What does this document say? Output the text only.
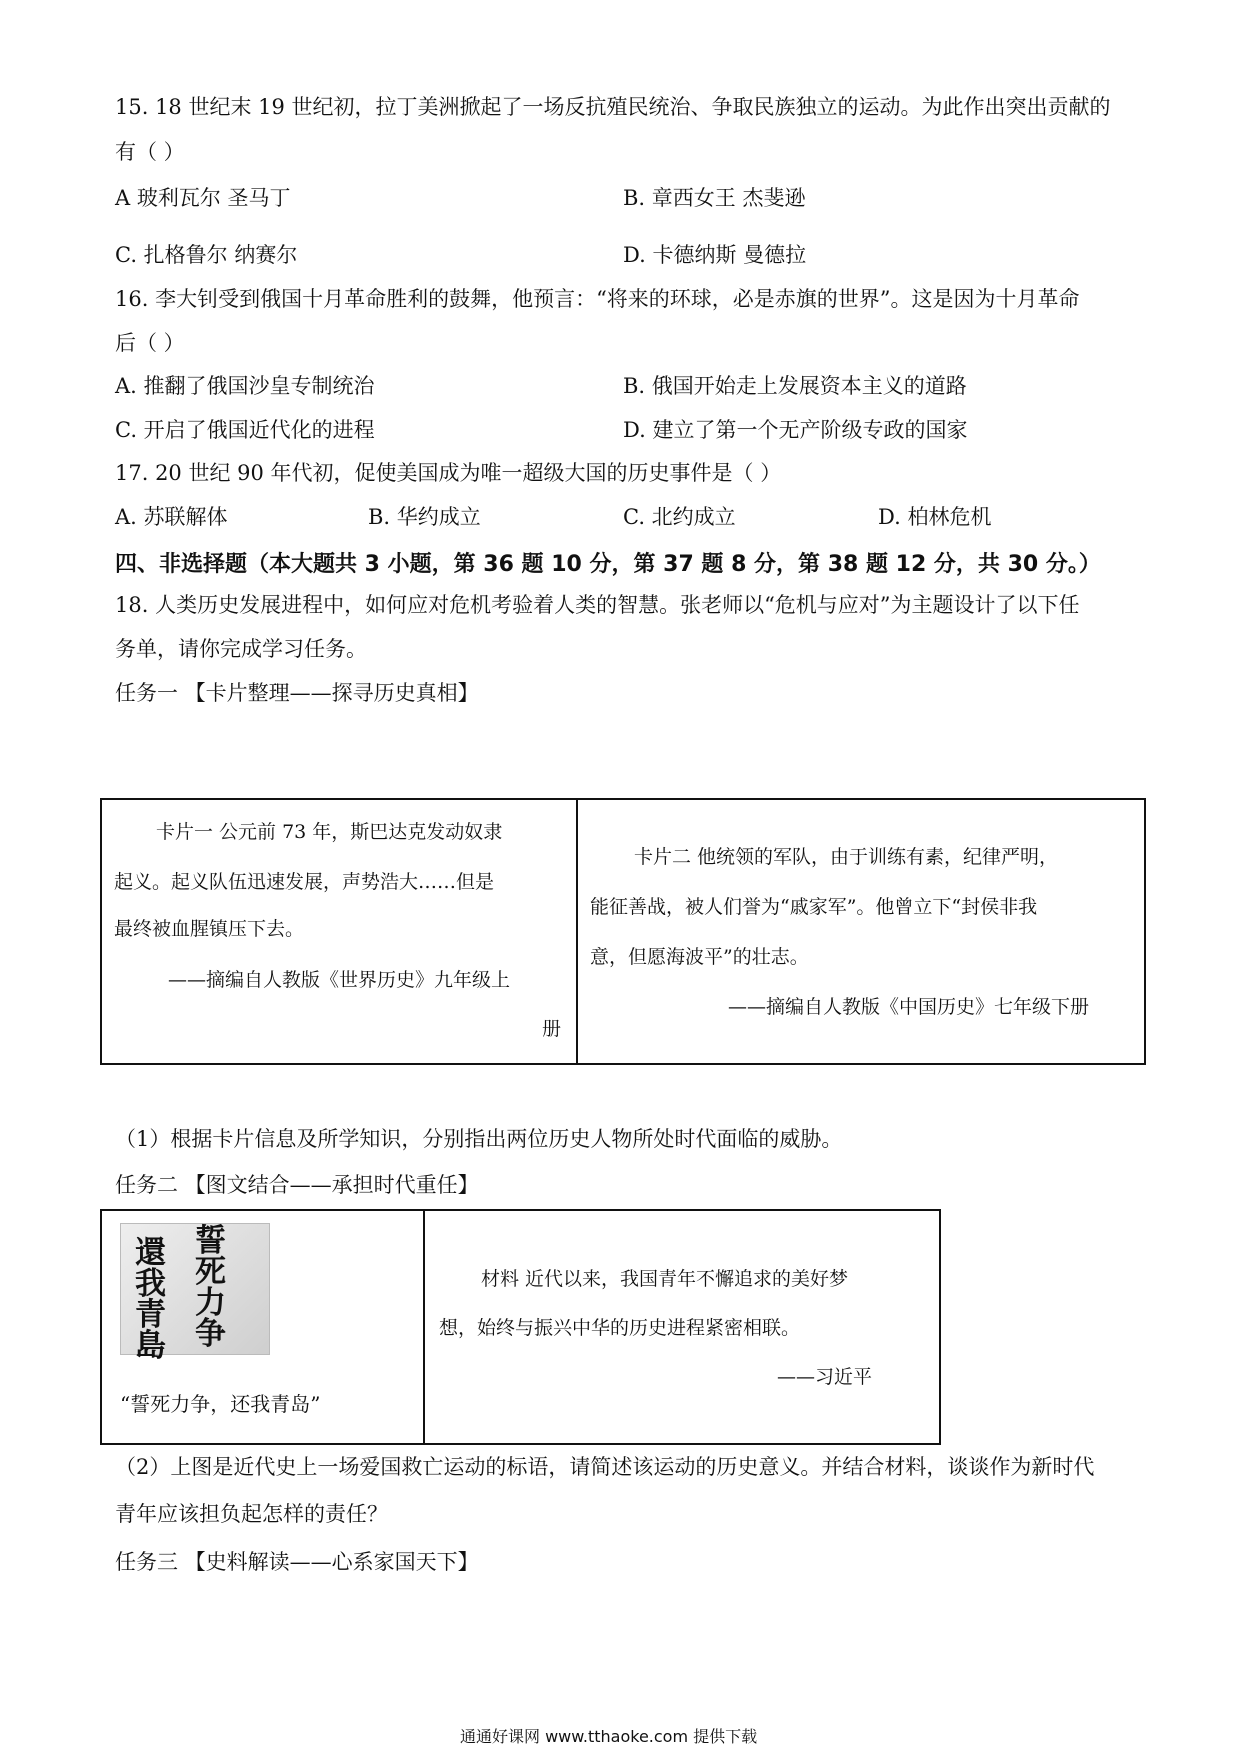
15. 18 世纪末 19 世纪初，拉丁美洲掀起了一场反抗殖民统治、争取民族独立的运动。为此作出突出贡献的
有（ ）
A 玻利瓦尔 圣马丁	B. 章西女王 杰斐逊
C. 扎格鲁尔 纳赛尔	D. 卡德纳斯 曼德拉
16. 李大钊受到俄国十月革命胜利的鼓舞，他预言：“将来的环球，必是赤旗的世界”。这是因为十月革命
后（ ）
A. 推翻了俄国沙皇专制统治	B. 俄国开始走上发展资本主义的道路
C. 开启了俄国近代化的进程	D. 建立了第一个无产阶级专政的国家
17. 20 世纪 90 年代初，促使美国成为唯一超级大国的历史事件是（ ）
A. 苏联解体	B. 华约成立	C. 北约成立	D. 柏林危机
四、非选择题（本大题共 3 小题，第 36 题 10 分，第 37 题 8 分，第 38 题 12 分，共 30 分。）
18. 人类历史发展进程中，如何应对危机考验着人类的智慧。张老师以“危机与应对”为主题设计了以下任
务单，请你完成学习任务。
任务一 【卡片整理——探寻历史真相】
卡片一 公元前 73 年，斯巴达克发动奴隶
起义。起义队伍迅速发展，声势浩大……但是
最终被血腥镇压下去。
——摘编自人教版《世界历史》九年级上
册

卡片二 他统领的军队，由于训练有素，纪律严明，
能征善战，被人们誉为“戚家军”。他曾立下“封侯非我
意，但愿海波平”的壮志。
——摘编自人教版《中国历史》七年级下册
（1）根据卡片信息及所学知识，分别指出两位历史人物所处时代面临的威胁。
任务二 【图文结合——承担时代重任】
還我青島
誓死力争
“誓死力争，还我青岛”

材料 近代以来，我国青年不懈追求的美好梦
想，始终与振兴中华的历史进程紧密相联。
——习近平
（2）上图是近代史上一场爱国救亡运动的标语，请简述该运动的历史意义。并结合材料，谈谈作为新时代
青年应该担负起怎样的责任？
任务三 【史料解读——心系家国天下】
通通好课网 www.tthaoke.com 提供下载
